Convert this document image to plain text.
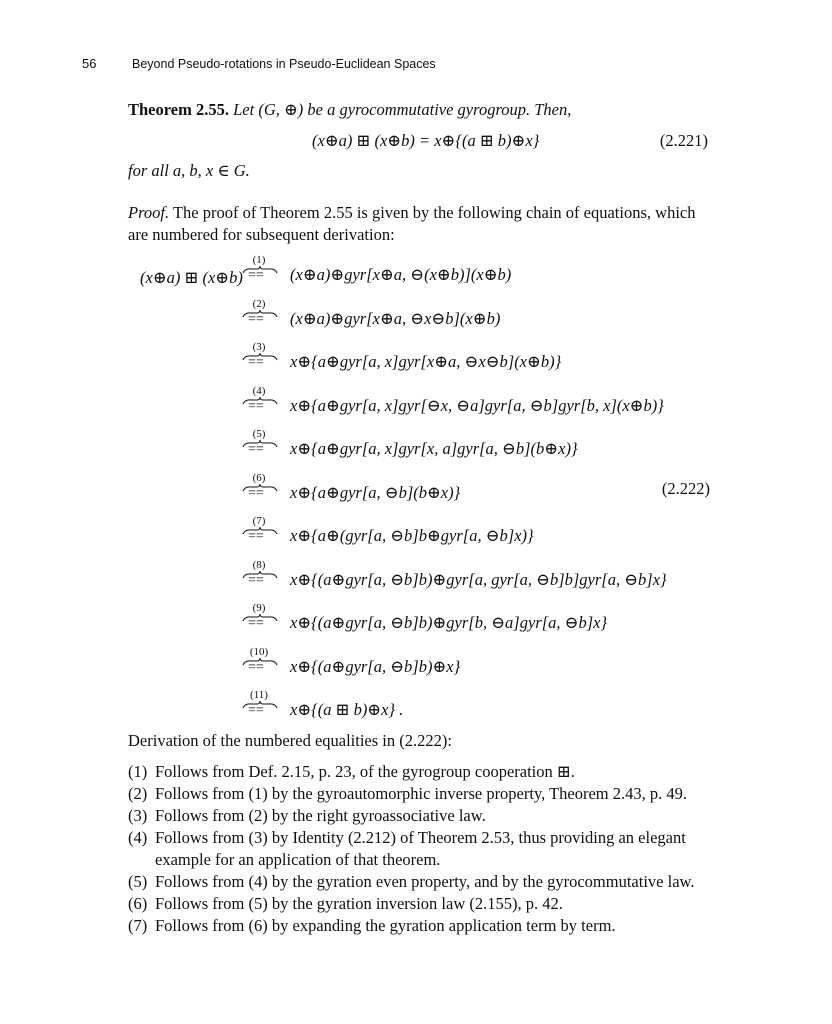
56	Beyond Pseudo-rotations in Pseudo-Euclidean Spaces
Theorem 2.55. Let (G, ⊕) be a gyrocommutative gyrogroup. Then,
(x⊕a) ⊞ (x⊕b) = x⊕{(a ⊞ b)⊕x}	(2.221)
for all a, b, x ∈ G.
Proof. The proof of Theorem 2.55 is given by the following chain of equations, which are numbered for subsequent derivation:
(x⊕a) ⊞ (x⊕b)
(1)
== (x⊕a)⊕gyr[x⊕a, ⊖(x⊕b)](x⊕b)
(2)
== (x⊕a)⊕gyr[x⊕a, ⊖x⊖b](x⊕b)
(3)
== x⊕{a⊕gyr[a, x]gyr[x⊕a, ⊖x⊖b](x⊕b)}
(4)
== x⊕{a⊕gyr[a, x]gyr[⊖x, ⊖a]gyr[a, ⊖b]gyr[b, x](x⊕b)}
(5)
== x⊕{a⊕gyr[a, x]gyr[x, a]gyr[a, ⊖b](b⊕x)}
(6)
== x⊕{a⊕gyr[a, ⊖b](b⊕x)}
(7)
== x⊕{a⊕(gyr[a, ⊖b]b⊕gyr[a, ⊖b]x)}
(8)
== x⊕{(a⊕gyr[a, ⊖b]b)⊕gyr[a, gyr[a, ⊖b]b]gyr[a, ⊖b]x}
(9)
== x⊕{(a⊕gyr[a, ⊖b]b)⊕gyr[b, ⊖a]gyr[a, ⊖b]x}
(10)
== x⊕{(a⊕gyr[a, ⊖b]b)⊕x}
(11)
== x⊕{(a ⊞ b)⊕x} .
(2.222)
Derivation of the numbered equalities in (2.222):
(1) Follows from Def. 2.15, p. 23, of the gyrogroup cooperation ⊞.
(2) Follows from (1) by the gyroautomorphic inverse property, Theorem 2.43, p. 49.
(3) Follows from (2) by the right gyroassociative law.
(4) Follows from (3) by Identity (2.212) of Theorem 2.53, thus providing an elegant example for an application of that theorem.
(5) Follows from (4) by the gyration even property, and by the gyrocommutative law.
(6) Follows from (5) by the gyration inversion law (2.155), p. 42.
(7) Follows from (6) by expanding the gyration application term by term.
